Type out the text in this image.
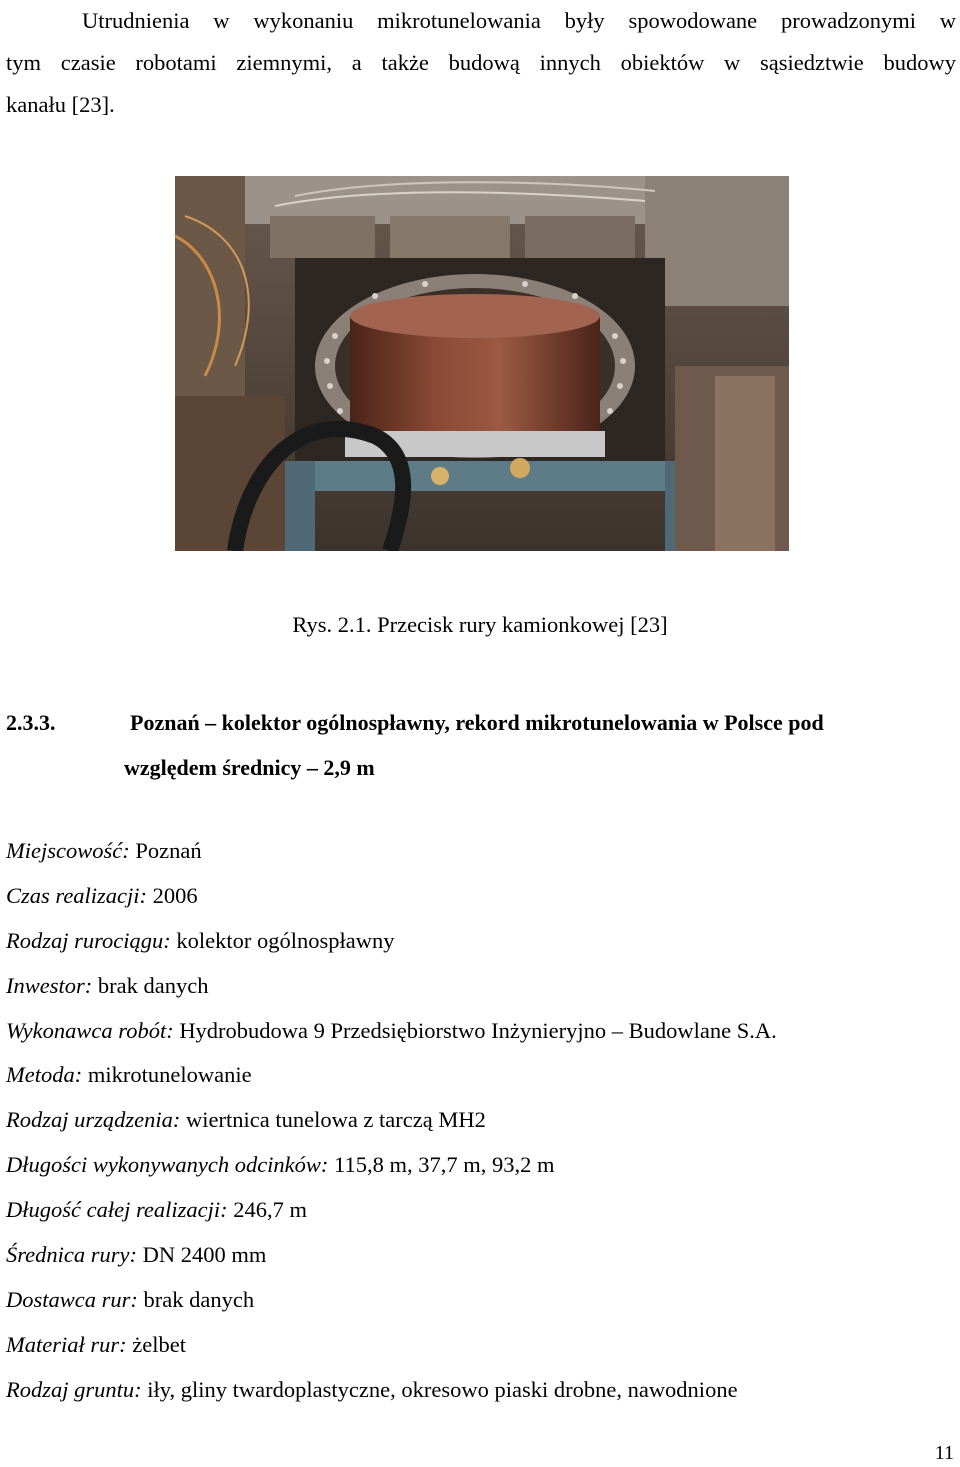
Utrudnienia w wykonaniu mikrotunelowania były spowodowane prowadzonymi w
tym czasie robotami ziemnymi, a także budową innych obiektów w sąsiedztwie budowy
kanału [23].
Rys. 2.1. Przecisk rury kamionkowej [23]
2.3.3.	Poznań – kolektor ogólnospławny, rekord mikrotunelowania w Polsce pod
względem średnicy – 2,9 m
Miejscowość: Poznań
Czas realizacji: 2006
Rodzaj rurociągu: kolektor ogólnospławny
Inwestor: brak danych
Wykonawca robót: Hydrobudowa 9 Przedsiębiorstwo Inżynieryjno – Budowlane S.A.
Metoda: mikrotunelowanie
Rodzaj urządzenia: wiertnica tunelowa z tarczą MH2
Długości wykonywanych odcinków: 115,8 m, 37,7 m, 93,2 m
Długość całej realizacji: 246,7 m
Średnica rury: DN 2400 mm
Dostawca rur: brak danych
Materiał rur: żelbet
Rodzaj gruntu: iły, gliny twardoplastyczne, okresowo piaski drobne, nawodnione
11
